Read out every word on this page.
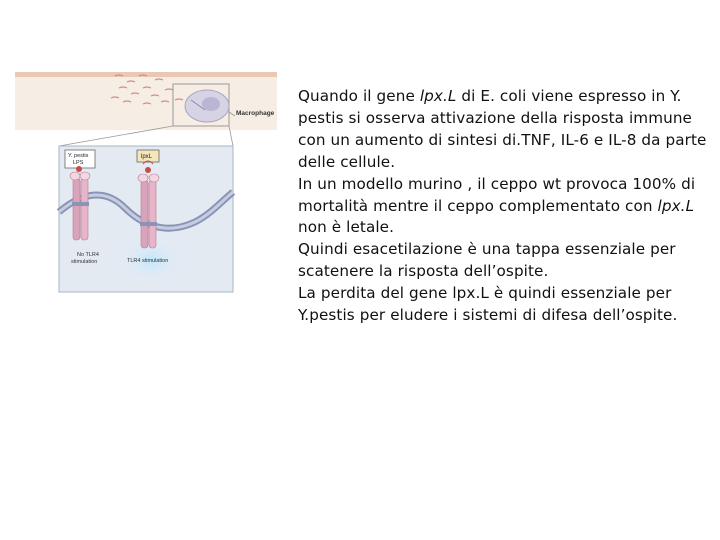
Macrophage
Y. pestis
LPS
lpxL
No TLR4
stimulation	TLR4 stimulation

Quando il gene lpx.L di E. coli viene espresso in Y. pestis si osserva attivazione della risposta immune con un aumento di sintesi di.TNF, IL-6 e IL-8 da parte delle cellule.

In un modello murino , il ceppo wt provoca 100% di mortalità mentre il ceppo complementato con lpx.L non è letale.

Quindi esacetilazione è una tappa essenziale per scatenere la risposta dell’ospite.

La perdita del gene lpx.L è quindi essenziale per Y.pestis per eludere i sistemi di difesa dell’ospite.
